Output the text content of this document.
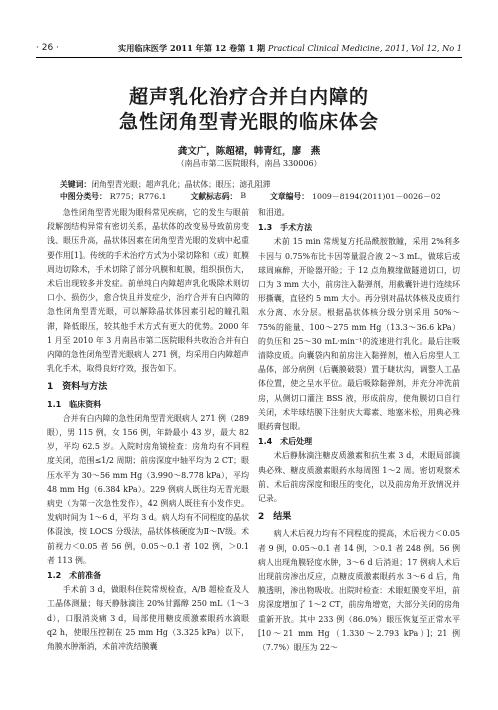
· 26 ·	实用临床医学 2011 年第 12 卷第 1 期 Practical Clinical Medicine, 2011, Vol 12, No 1
超声乳化治疗合并白内障的
急性闭角型青光眼的临床体会
龚文广，陈超裙，韩青红，廖　燕
（南昌市第二医院眼科，南昌 330006）
关键词：闭角型青光眼；超声乳化；晶状体；眼压；滤孔阻滞
中图分类号： R775；R776.1	文献标志码： B	文章编号： 1009－8194(2011)01－0026－02

急性闭角型青光眼为眼科常见疾病，它的发生与眼前段解剖结构异常有密切关系，晶状体的改变易导致前房变浅、眼压升高，晶状体因素在闭角型青光眼的发病中起重要作用[1]。传统的手术治疗方式为小梁切除和（或）虹膜周边切除术，手术切除了部分巩膜和虹膜，组织损伤大，术后出现较多并发症。前单纯白内障超声乳化吸除术则切口小、损伤少，愈合快且并发症少，治疗合并有白内障的急性闭角型青光眼，可以解除晶状体因素引起的瞳孔阻滞，降低眼压，较其他手术方式有更大的优势。2000 年 1 月至 2010 年 3 月南昌市第二医院眼科共收治合并有白内障的急性闭角型青光眼病人 271 例，均采用白内障超声乳化手术，取得良好疗效，报告如下。

1　资料与方法
1.1　临床资料

合并有白内障的急性闭角型青光眼病人 271 例（289 眼），男 115 例，女 156 例，年龄最小 43 岁，最大 82 岁，平均 62.5 岁。入院时房角镜检查：房角均有不同程度关闭，范围≤1/2 周期；前房深度中轴平均为 2 CT；眼压水平为 30～56 mm Hg（3.990～8.778 kPa），平均 48 mm Hg（6.384 kPa）。229 例病人既往均无青光眼病史（为第一次急性发作），42 例病人既往有小发作史。发病时间为 1～6 d，平均 3 d。病人均有不同程度的晶状体混浊，按 LOCS 分级法，晶状体核硬度为Ⅱ～Ⅳ级。术前视力＜0.05 者 56 例，0.05～0.1 者 102 例，＞0.1 者 113 例。

1.2　术前准备

手术前 3 d，做眼科住院常规检查，A/B 超检查及人工晶体测量；每天静脉滴注 20%甘露醇 250 mL（1～3 d），口服消炎痛 3 d，局部使用糖皮质激素眼药水滴眼 q2 h，使眼压控制在 25 mm Hg（3.325 kPa）以下，角膜水肿渐消，术前冲洗结膜囊

和泪道。

1.3　手术方法

术前 15 min 常规复方托品酰胺散瞳，采用 2%利多卡因与 0.75%布比卡因等量混合液 2～3 mL，做球后或球周麻醉，开睑器开睑；于 12 点角膜缘做隧道切口，切口为 3 mm 大小，前房注入黏弹剂，用截囊针进行连续环形撕囊，直径约 5 mm 大小。再分别对晶状体核及皮质行水分离、水分层。根据晶状体核分级分别采用 50%～75%的能量、100～275 mm Hg（13.3～36.6 kPa）的负压和 25～30 mL·min⁻¹的流速进行乳化。最后注吸清除皮质。向囊袋内和前房注入黏弹剂，植入后房型人工晶体，部分病例（后囊膜破裂）置于睫状沟，调整人工晶体位置，使之呈水平位。最后吸除黏弹剂，并充分冲洗前房，从侧切口灌注 BSS 液，形成前房，使角膜切口自行关闭，术毕球结膜下注射庆大霉素、地塞米松，用典必殊眼药膏包眼。

1.4　术后处理

术后静脉滴注糖皮质激素和抗生素 3 d，术眼局部滴典必殊、糖皮质激素眼药水每周图 1～2 周。密切观察术前、术后前房深度和眼压的变化，以及前房角开放情况并记录。

2　结果

病人术后视力均有不同程度的提高，术后视力＜0.05 者 9 例，0.05～0.1 者 14 例，＞0.1 者 248 例。56 例病人出现角膜轻度水肿，3～6 d 后消退；17 例病人术后出现前房渗出反应，点糖皮质激素眼药水 3～6 d 后，角膜透明，渗出物吸收。出院时检查：术眼虹膜变平坦，前房深度增加了 1～2 CT，前房角增宽，大部分关闭的房角重新开放。其中 233 例（86.0%）眼压恢复至正常水平[10～21 mm Hg（1.330～2.793 kPa）]；21 例（7.7%）眼压为 22～
